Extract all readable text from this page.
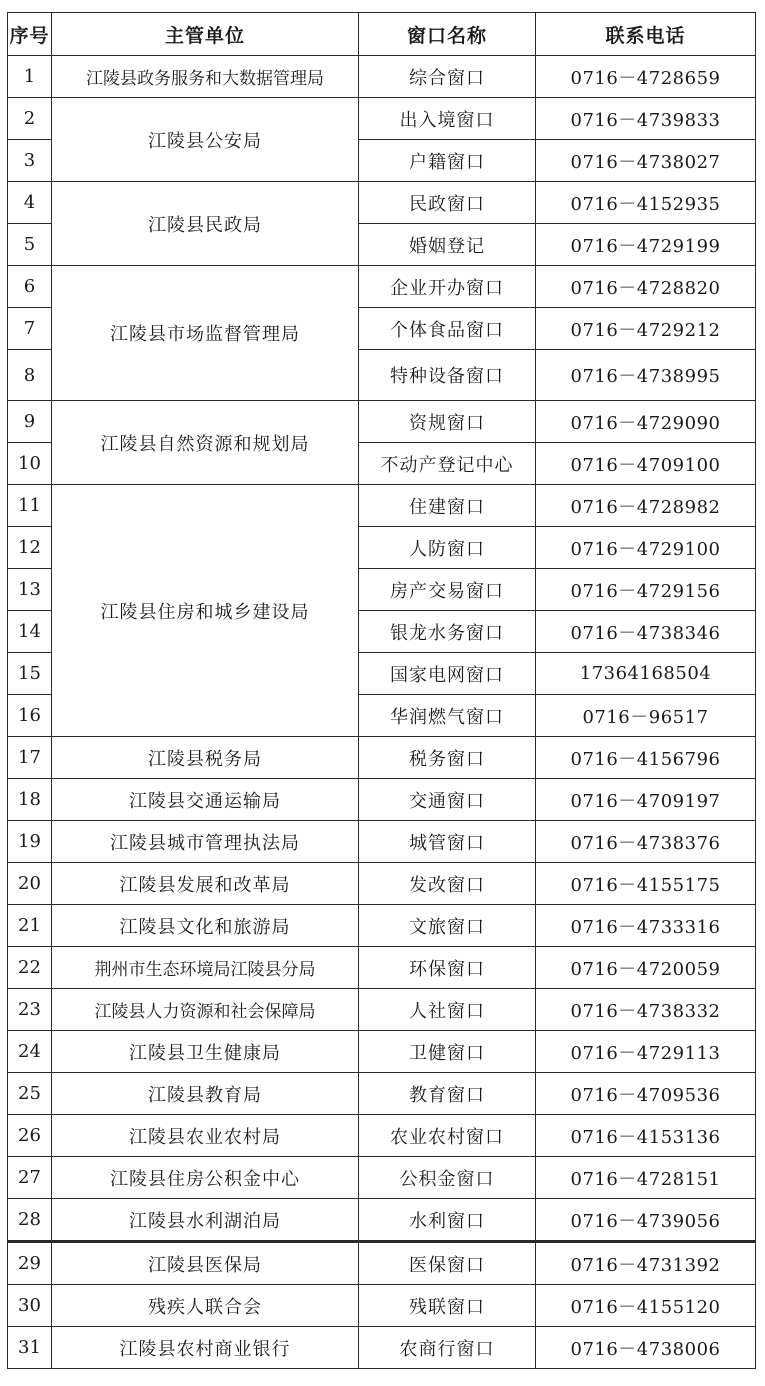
序号	主管单位	窗口名称	联系电话
1	江陵县政务服务和大数据管理局	综合窗口	0716－4728659
2	江陵县公安局	出入境窗口	0716－4739833
3		户籍窗口	0716－4738027
4	江陵县民政局	民政窗口	0716－4152935
5		婚姻登记	0716－4729199
6	江陵县市场监督管理局	企业开办窗口	0716－4728820
7		个体食品窗口	0716－4729212
8		特种设备窗口	0716－4738995
9	江陵县自然资源和规划局	资规窗口	0716－4729090
10		不动产登记中心	0716－4709100
11	江陵县住房和城乡建设局	住建窗口	0716－4728982
12		人防窗口	0716－4729100
13		房产交易窗口	0716－4729156
14		银龙水务窗口	0716－4738346
15		国家电网窗口	17364168504
16		华润燃气窗口	0716－96517
17	江陵县税务局	税务窗口	0716－4156796
18	江陵县交通运输局	交通窗口	0716－4709197
19	江陵县城市管理执法局	城管窗口	0716－4738376
20	江陵县发展和改革局	发改窗口	0716－4155175
21	江陵县文化和旅游局	文旅窗口	0716－4733316
22	荆州市生态环境局江陵县分局	环保窗口	0716－4720059
23	江陵县人力资源和社会保障局	人社窗口	0716－4738332
24	江陵县卫生健康局	卫健窗口	0716－4729113
25	江陵县教育局	教育窗口	0716－4709536
26	江陵县农业农村局	农业农村窗口	0716－4153136
27	江陵县住房公积金中心	公积金窗口	0716－4728151
28	江陵县水利湖泊局	水利窗口	0716－4739056
29	江陵县医保局	医保窗口	0716－4731392
30	残疾人联合会	残联窗口	0716－4155120
31	江陵县农村商业银行	农商行窗口	0716－4738006
